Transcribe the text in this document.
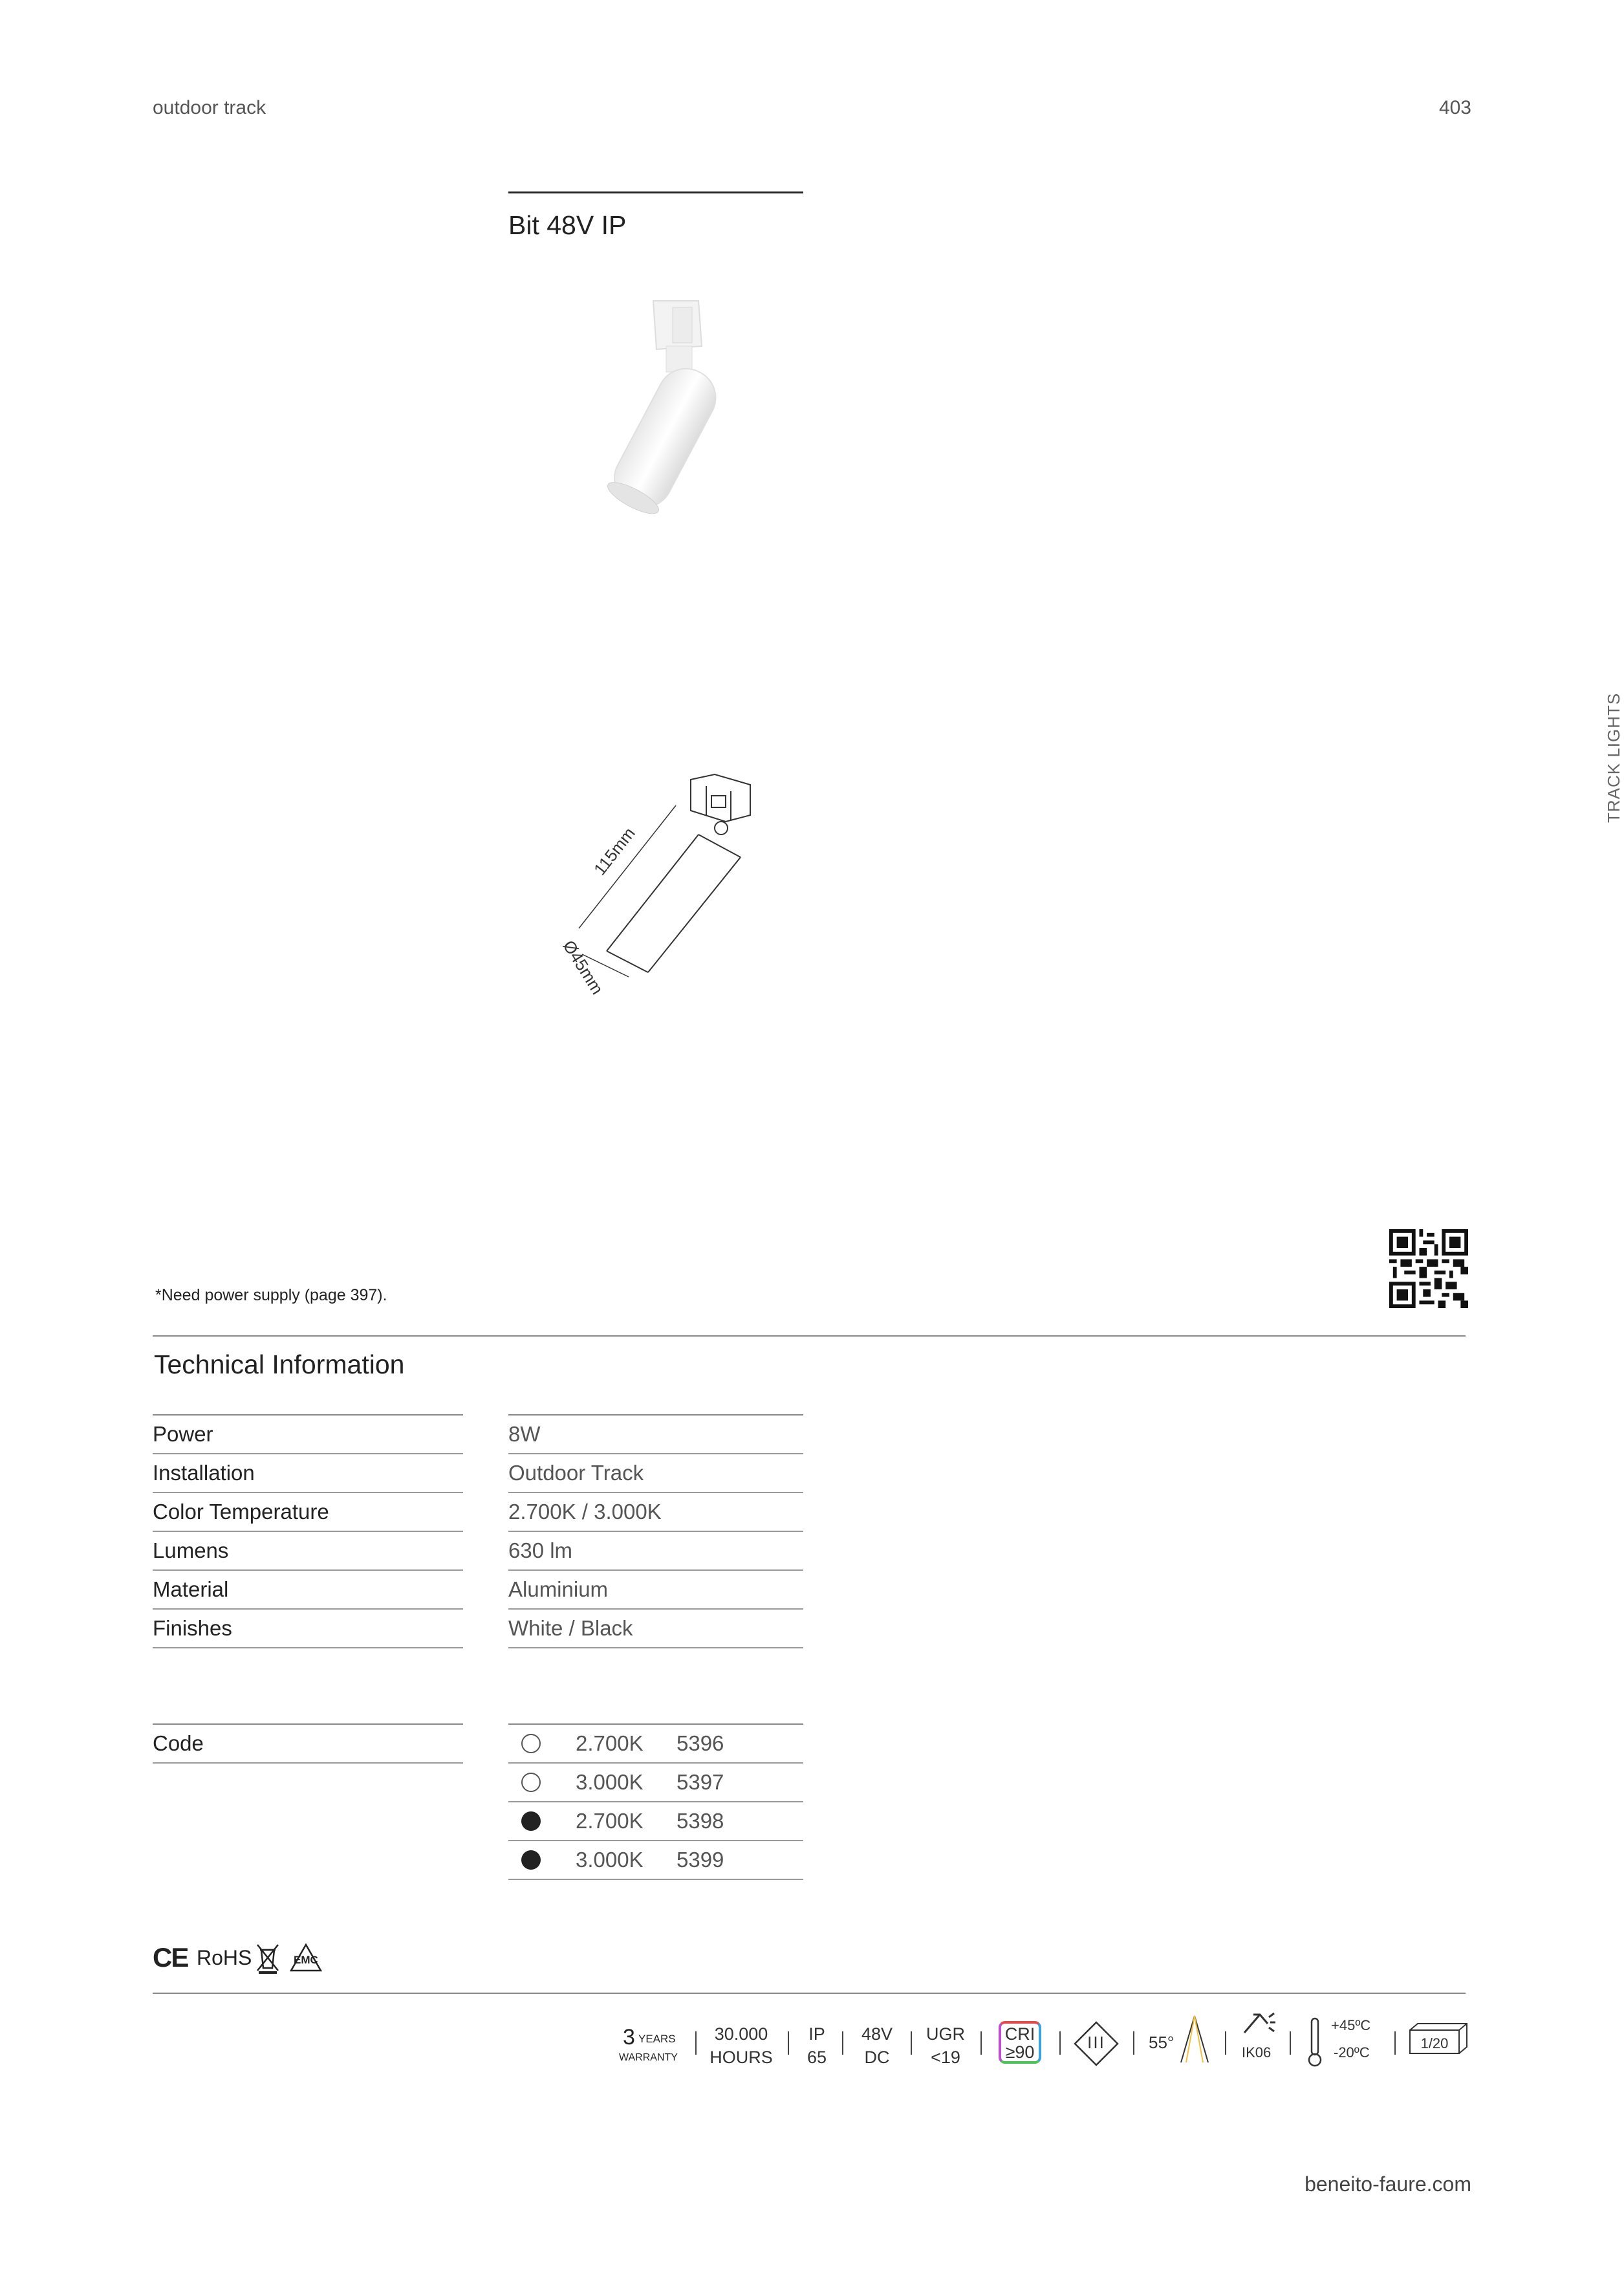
outdoor track	403
TRACK LIGHTS
Bit 48V IP
115mm
Ø45mm
*Need power supply (page 397).
Technical Information
Power	8W
Installation	Outdoor Track
Color Temperature	2.700K / 3.000K
Lumens	630 lm
Material	Aluminium
Finishes	White / Black
Code	2.700K 5396
3.000K 5397
2.700K 5398
3.000K 5399
CE RoHS	EMC
3 YEARS
WARRANTY
30.000
HOURS
IP
65
48V
DC
UGR
<19
CRI
≥90	III	55°
IK06
+45ºC
-20ºC
1/20
beneito-faure.com
